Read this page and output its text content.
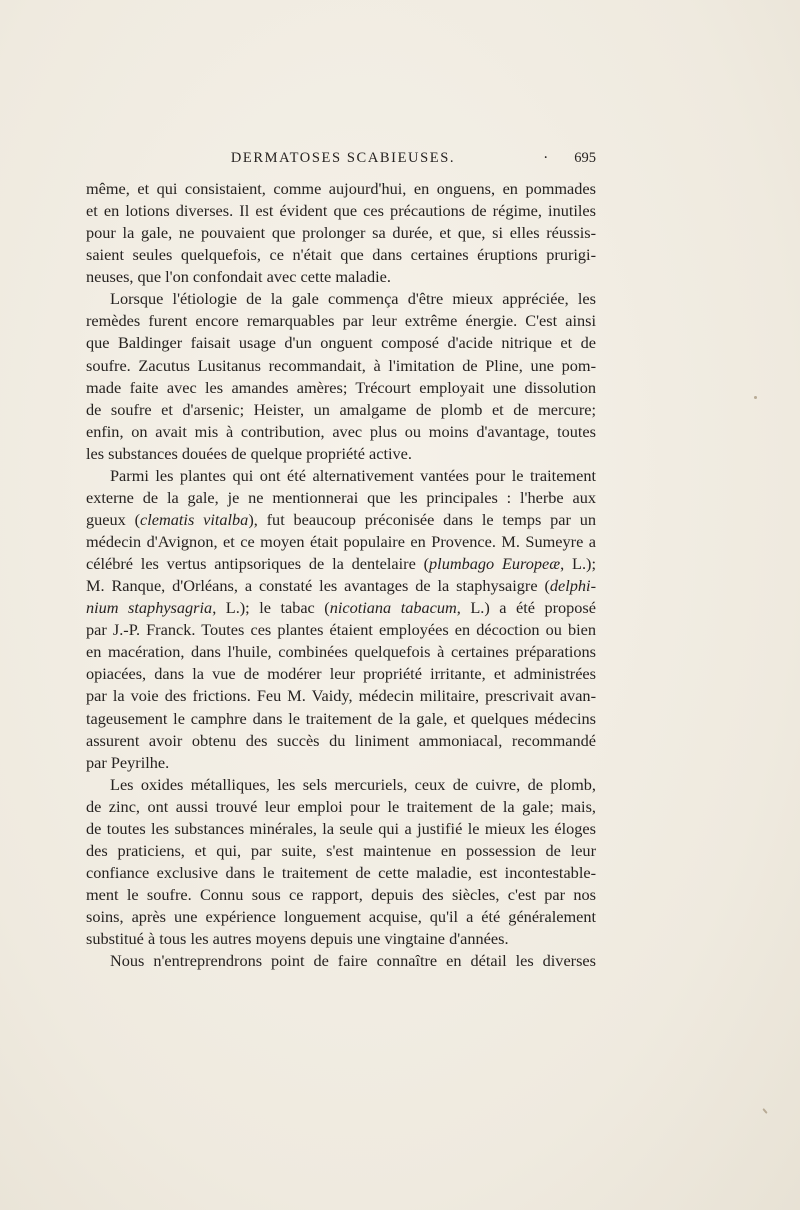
DERMATOSES SCABIEUSES.	· 695
même, et qui consistaient, comme aujourd'hui, en onguens, en pommades
et en lotions diverses. Il est évident que ces précautions de régime, inutiles
pour la gale, ne pouvaient que prolonger sa durée, et que, si elles réussis-
saient seules quelquefois, ce n'était que dans certaines éruptions prurigi-
neuses, que l'on confondait avec cette maladie.
Lorsque l'étiologie de la gale commença d'être mieux appréciée, les
remèdes furent encore remarquables par leur extrême énergie. C'est ainsi
que Baldinger faisait usage d'un onguent composé d'acide nitrique et de
soufre. Zacutus Lusitanus recommandait, à l'imitation de Pline, une pom-
made faite avec les amandes amères; Trécourt employait une dissolution
de soufre et d'arsenic; Heister, un amalgame de plomb et de mercure;
enfin, on avait mis à contribution, avec plus ou moins d'avantage, toutes
les substances douées de quelque propriété active.
Parmi les plantes qui ont été alternativement vantées pour le traitement
externe de la gale, je ne mentionnerai que les principales : l'herbe aux
gueux (clematis vitalba), fut beaucoup préconisée dans le temps par un
médecin d'Avignon, et ce moyen était populaire en Provence. M. Sumeyre a
célébré les vertus antipsoriques de la dentelaire (plumbago Europeæ, L.);
M. Ranque, d'Orléans, a constaté les avantages de la staphysaigre (delphi-
nium staphysagria, L.); le tabac (nicotiana tabacum, L.) a été proposé
par J.-P. Franck. Toutes ces plantes étaient employées en décoction ou bien
en macération, dans l'huile, combinées quelquefois à certaines préparations
opiacées, dans la vue de modérer leur propriété irritante, et administrées
par la voie des frictions. Feu M. Vaidy, médecin militaire, prescrivait avan-
tageusement le camphre dans le traitement de la gale, et quelques médecins
assurent avoir obtenu des succès du liniment ammoniacal, recommandé
par Peyrilhe.
Les oxides métalliques, les sels mercuriels, ceux de cuivre, de plomb,
de zinc, ont aussi trouvé leur emploi pour le traitement de la gale; mais,
de toutes les substances minérales, la seule qui a justifié le mieux les éloges
des praticiens, et qui, par suite, s'est maintenue en possession de leur
confiance exclusive dans le traitement de cette maladie, est incontestable-
ment le soufre. Connu sous ce rapport, depuis des siècles, c'est par nos
soins, après une expérience longuement acquise, qu'il a été généralement
substitué à tous les autres moyens depuis une vingtaine d'années.
Nous n'entreprendrons point de faire connaître en détail les diverses
